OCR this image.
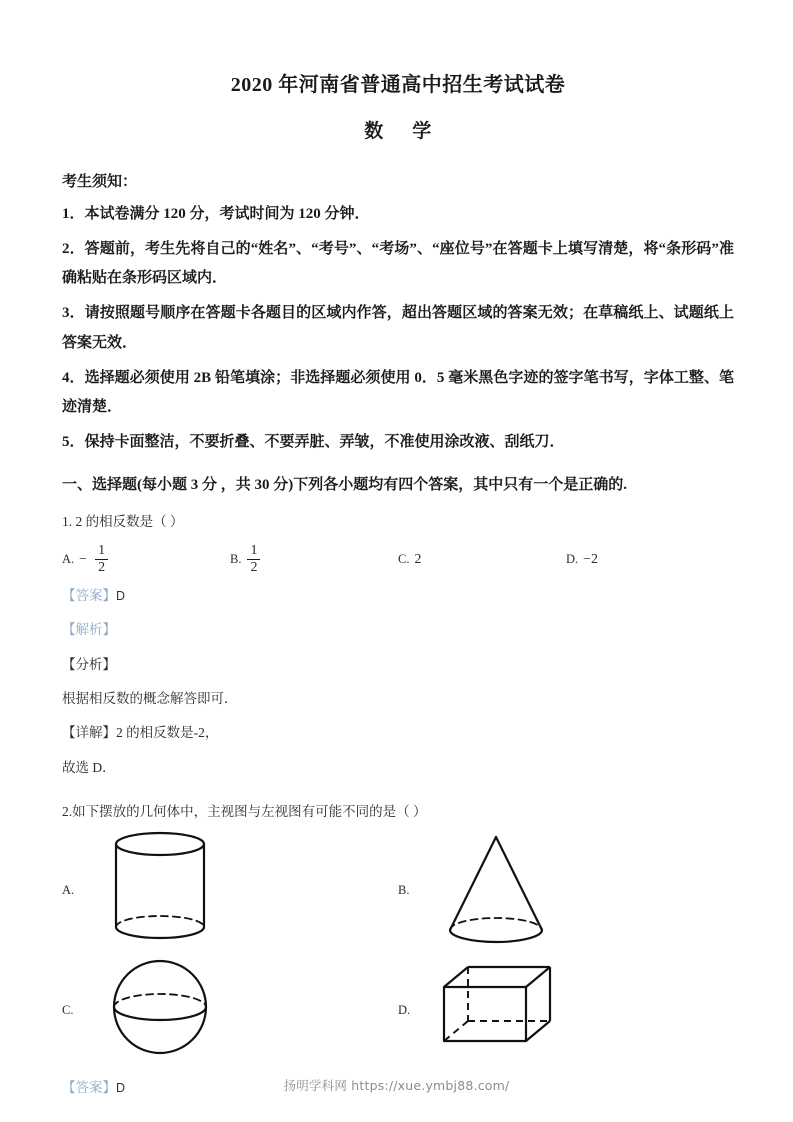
2020 年河南省普通高中招生考试试卷
数 学
考生须知：
1．本试卷满分 120 分，考试时间为 120 分钟．
2．答题前，考生先将自己的“姓名”、“考号”、“考场”、“座位号”在答题卡上填写清楚，将“条形码”准确粘贴在条形码区域内．
3．请按照题号顺序在答题卡各题目的区域内作答，超出答题区域的答案无效；在草稿纸上、试题纸上答案无效．
4．选择题必须使用 2B 铅笔填涂；非选择题必须使用 0．5 毫米黑色字迹的签字笔书写，字体工整、笔迹清楚．
5．保持卡面整洁，不要折叠、不要弄脏、弄皱，不准使用涂改液、刮纸刀．
一、选择题(每小题 3 分 ，共 30 分)下列各小题均有四个答案，其中只有一个是正确的.
1. 2 的相反数是（ ）
A. − $\frac{1}{2}$	B. $\frac{1}{2}$	C. 2	D. −2
【答案】D
【解析】
【分析】
根据相反数的概念解答即可．
【详解】2 的相反数是-2，
故选 D．
2.如下摆放的几何体中，主视图与左视图有可能不同的是（ ）
A.	B.
C.	D.
【答案】D	扬明学科网 https://xue.ymbj88.com/
